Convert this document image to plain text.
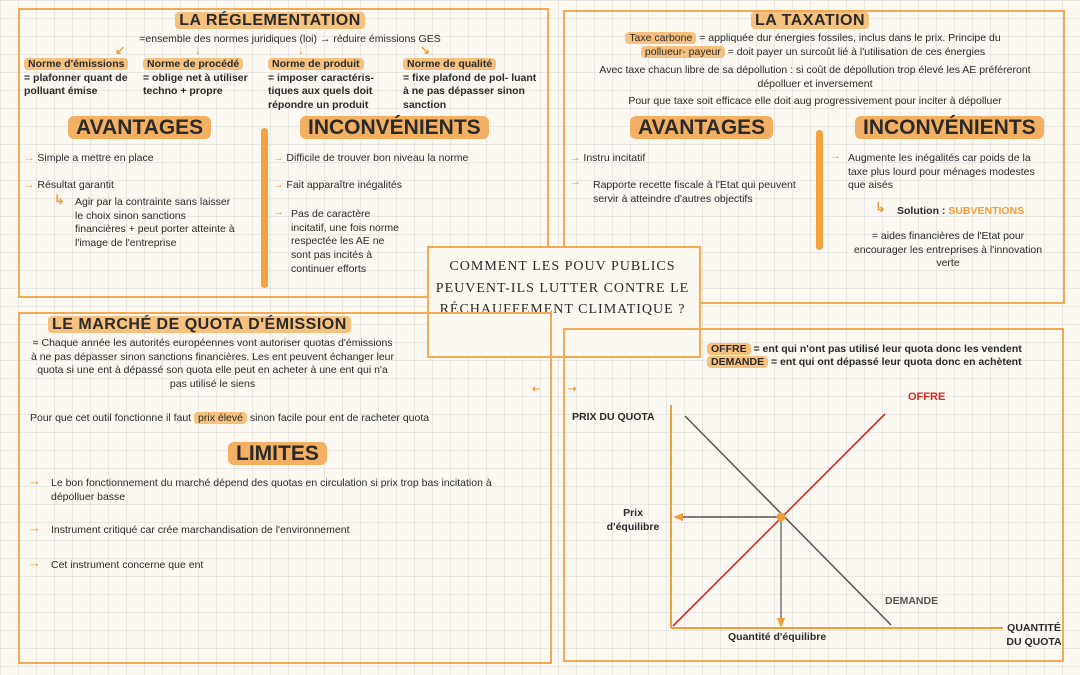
LA RÉGLEMENTATION
=ensemble des normes juridiques (loi) → réduire émissions GES
↙	↓	↓	↘
Norme d'émissions
= plafonner quant de polluant émise
Norme de procédé
= oblige net à utiliser techno + propre
Norme de produit
= imposer caractéris- tiques aux quels doit répondre un produit
Norme de qualité
= fixe plafond de pol- luant à ne pas dépasser sinon sanction
AVANTAGES	INCONVÉNIENTS
→ Simple a mettre en place
→ Résultat garantit
↳ Agir par la contrainte sans laisser le choix sinon sanctions financières + peut porter atteinte à l'image de l'entreprise
→ Difficile de trouver bon niveau la norme
→ Fait apparaître inégalités
→ Pas de caractère incitatif, une fois norme respectée les AE ne sont pas incités à continuer efforts
LA TAXATION
Taxe carbone = appliquée dur énergies fossiles, inclus dans le prix. Principe du
pollueur- payeur = doit payer un surcoût lié à l'utilisation de ces énergies
Avec taxe chacun libre de sa dépollution : si coût de dépollution trop élevé les AE préféreront dépolluer et inversement
Pour que taxe soit efficace elle doit aug progressivement pour inciter à dépolluer
AVANTAGES	INCONVÉNIENTS
→ Instru incitatif
→ Rapporte recette fiscale à l'Etat qui peuvent servir à atteindre d'autres objectifs
→ Augmente les inégalités car poids de la taxe plus lourd pour ménages modestes que aisés
↳ Solution : SUBVENTIONS
= aides financières de l'Etat pour encourager les entreprises à l'innovation verte
COMMENT LES POUV PUBLICS PEUVENT-ILS LUTTER CONTRE LE RÉCHAUFFEMENT CLIMATIQUE ?
LE MARCHÉ DE QUOTA D'ÉMISSION
= Chaque année les autorités européennes vont autoriser quotas d'émissions à ne pas dépasser sinon sanctions financières. Les ent peuvent échanger leur quota si une ent à dépassé son quota elle peut en acheter à une ent qui n'a pas utilisé le siens
Pour que cet outil fonctionne il faut prix élevé sinon facile pour ent de racheter quota
LIMITES
→ Le bon fonctionnement du marché dépend des quotas en circulation si prix trop bas incitation à dépolluer basse
→ Instrument critiqué car crée marchandisation de l'environnement
→ Cet instrument concerne que ent
⇠
OFFRE = ent qui n'ont pas utilisé leur quota donc les vendent
DEMANDE = ent qui ont dépassé leur quota donc en achètent
⇢
PRIX DU QUOTA
OFFRE
Prix
d'équilibre
DEMANDE
Quantité d'équilibre
QUANTITÉ
DU QUOTA
